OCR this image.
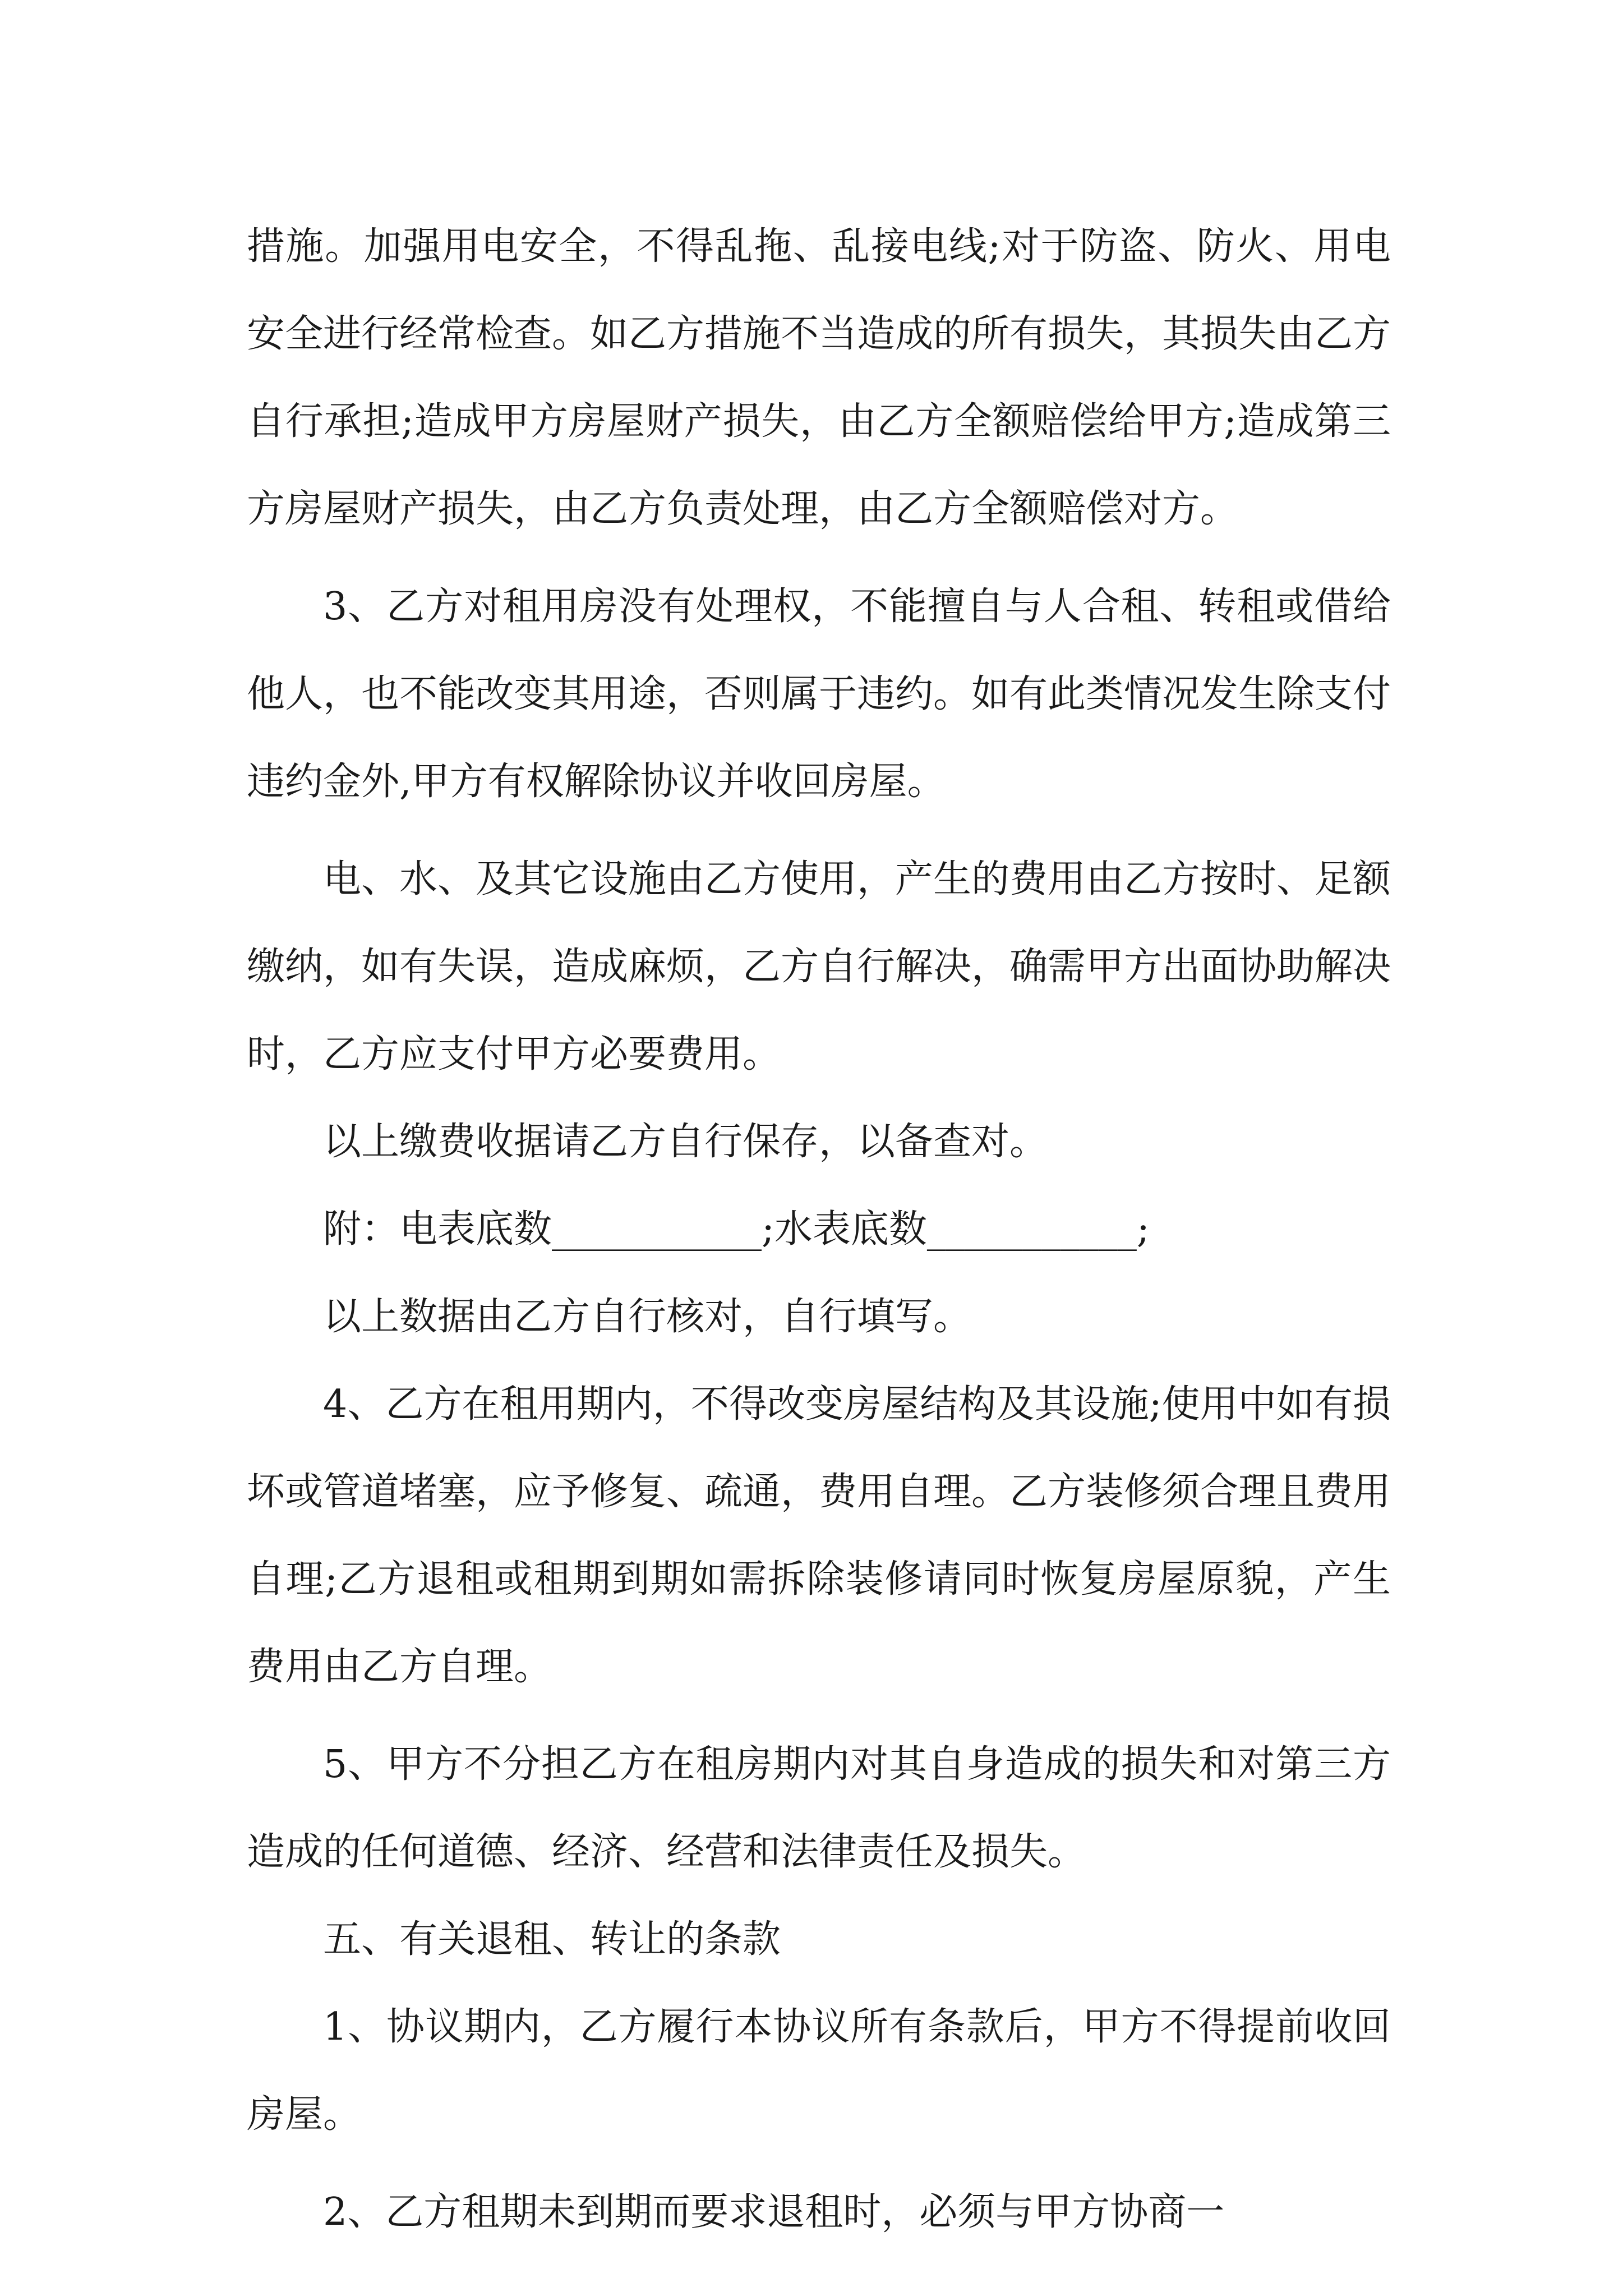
措施。加强用电安全，不得乱拖、乱接电线;对于防盗、防火、用电安全进行经常检查。如乙方措施不当造成的所有损失，其损失由乙方自行承担;造成甲方房屋财产损失，由乙方全额赔偿给甲方;造成第三方房屋财产损失，由乙方负责处理，由乙方全额赔偿对方。

3、乙方对租用房没有处理权，不能擅自与人合租、转租或借给他人，也不能改变其用途，否则属于违约。如有此类情况发生除支付违约金外,甲方有权解除协议并收回房屋。

电、水、及其它设施由乙方使用，产生的费用由乙方按时、足额缴纳，如有失误，造成麻烦，乙方自行解决，确需甲方出面协助解决时，乙方应支付甲方必要费用。

以上缴费收据请乙方自行保存，以备查对。

附：电表底数___________;水表底数___________;

以上数据由乙方自行核对，自行填写。

4、乙方在租用期内，不得改变房屋结构及其设施;使用中如有损坏或管道堵塞，应予修复、疏通，费用自理。乙方装修须合理且费用自理;乙方退租或租期到期如需拆除装修请同时恢复房屋原貌，产生费用由乙方自理。

5、甲方不分担乙方在租房期内对其自身造成的损失和对第三方造成的任何道德、经济、经营和法律责任及损失。

五、有关退租、转让的条款

1、协议期内，乙方履行本协议所有条款后，甲方不得提前收回房屋。

2、乙方租期未到期而要求退租时，必须与甲方协商一
